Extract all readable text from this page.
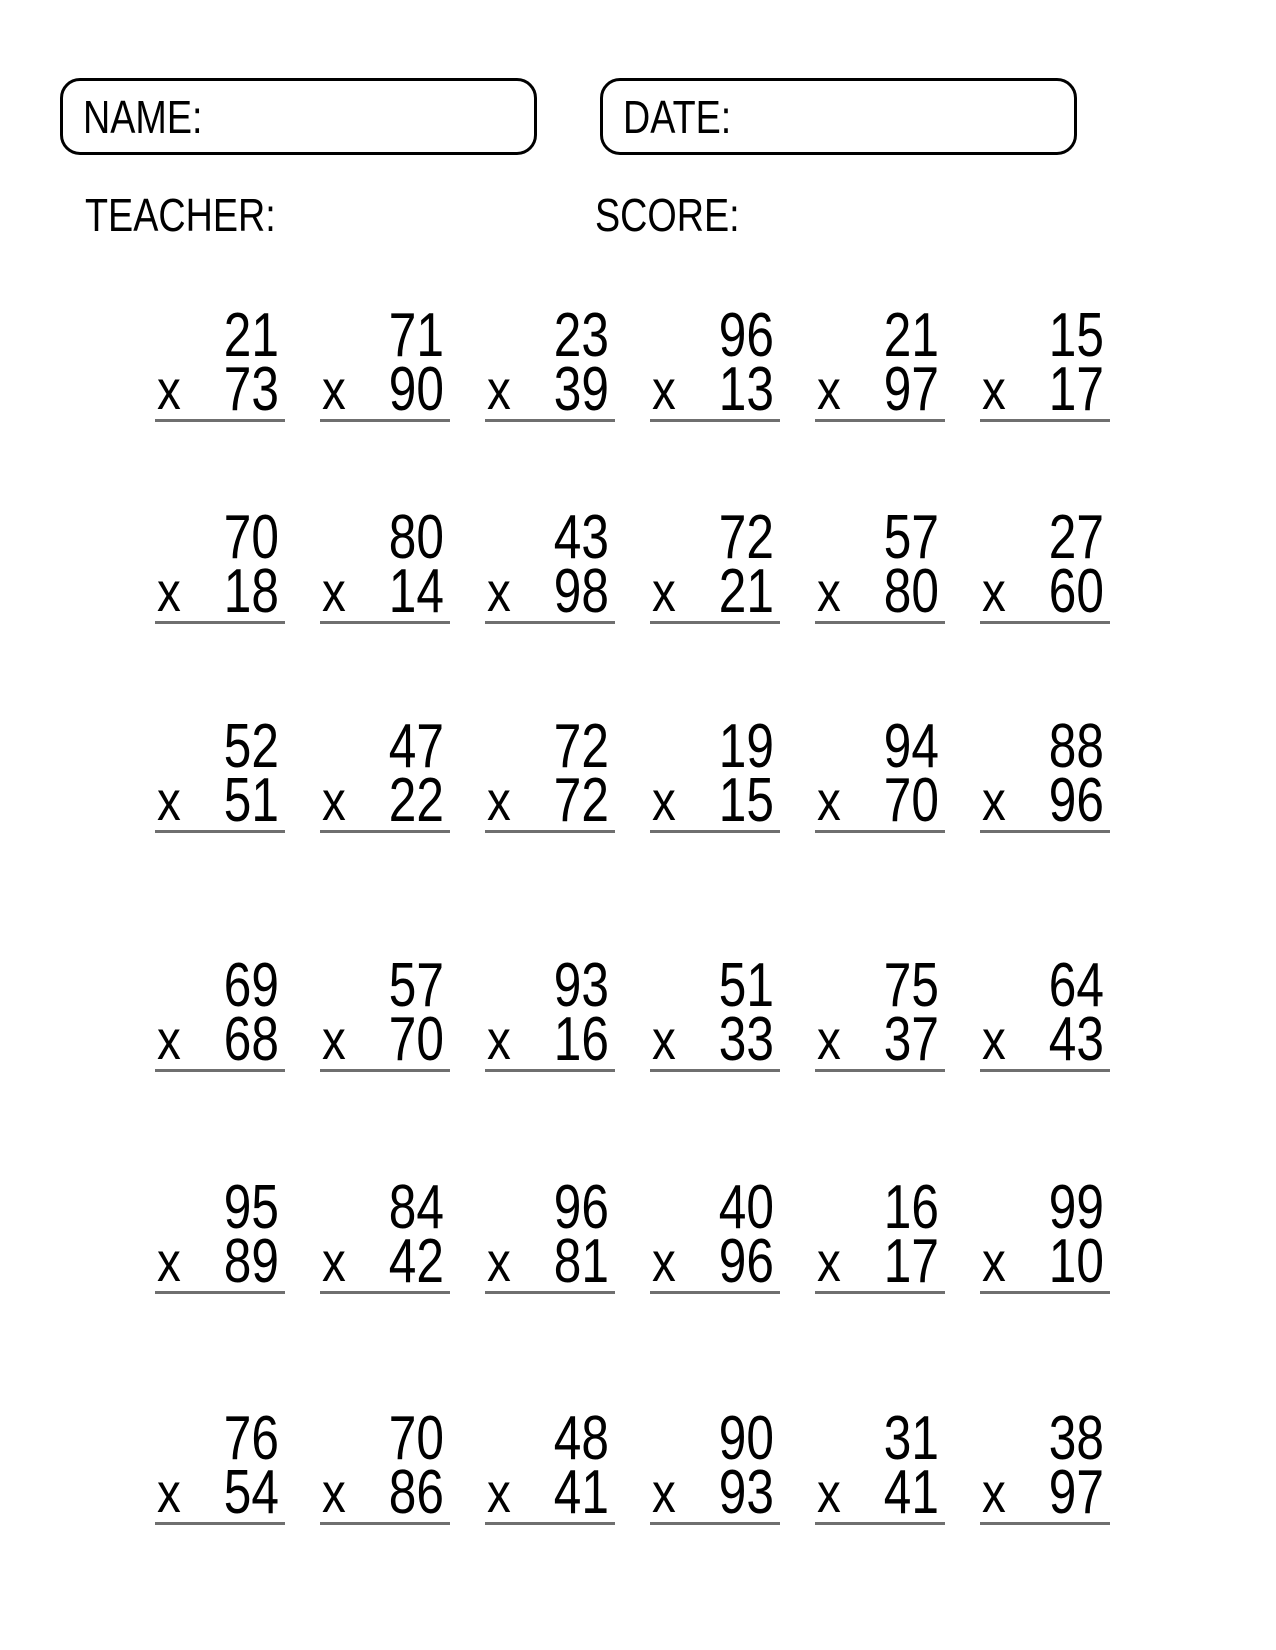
NAME:	DATE:
TEACHER:	SCORE:
21
x 73
71
x 90
23
x 39
96
x 13
21
x 97
15
x 17
70
x 18
80
x 14
43
x 98
72
x 21
57
x 80
27
x 60
52
x 51
47
x 22
72
x 72
19
x 15
94
x 70
88
x 96
69
x 68
57
x 70
93
x 16
51
x 33
75
x 37
64
x 43
95
x 89
84
x 42
96
x 81
40
x 96
16
x 17
99
x 10
76
x 54
70
x 86
48
x 41
90
x 93
31
x 41
38
x 97
